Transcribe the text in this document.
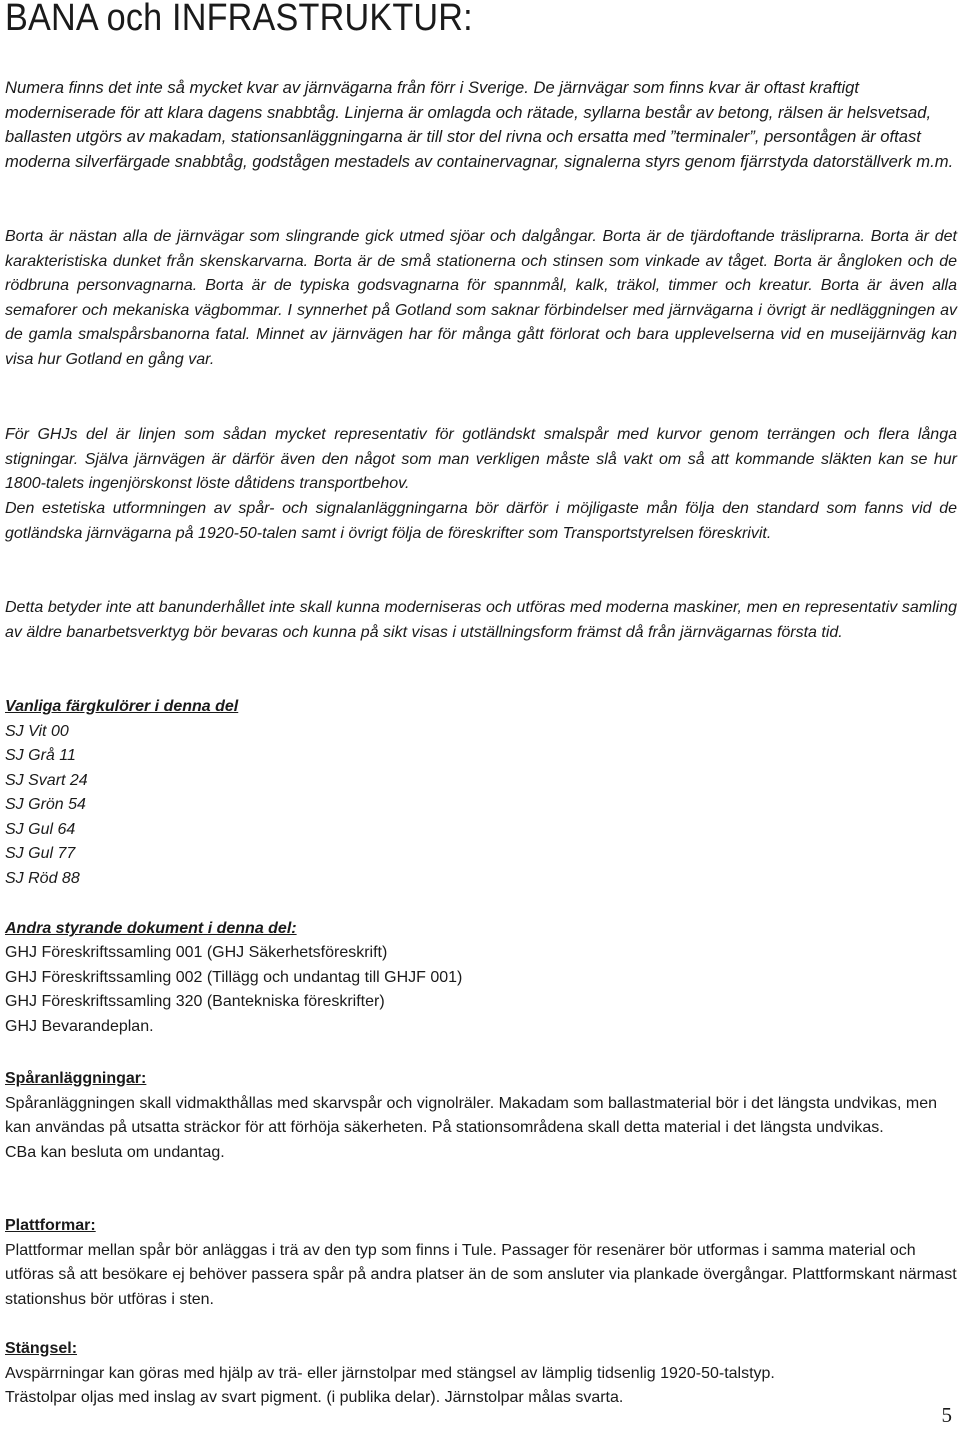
BANA och INFRASTRUKTUR:

Numera finns det inte så mycket kvar av järnvägarna från förr i Sverige. De järnvägar som finns kvar är oftast kraftigt moderniserade för att klara dagens snabbtåg. Linjerna är omlagda och rätade, syllarna består av betong, rälsen är helsvetsad, ballasten utgörs av makadam, stationsanläggningarna är till stor del rivna och ersatta med ”terminaler”, persontågen är oftast moderna silverfärgade snabbtåg, godstågen mestadels av containervagnar, signalerna styrs genom fjärrstyda datorställverk m.m.

Borta är nästan alla de järnvägar som slingrande gick utmed sjöar och dalgångar. Borta är de tjärdoftande träsliprarna. Borta är det karakteristiska dunket från skenskarvarna. Borta är de små stationerna och stinsen som vinkade av tåget. Borta är ångloken och de rödbruna personvagnarna. Borta är de typiska godsvagnarna för spannmål, kalk, träkol, timmer och kreatur. Borta är även alla semaforer och mekaniska vägbommar. I synnerhet på Gotland som saknar förbindelser med järnvägarna i övrigt är nedläggningen av de gamla smalspårsbanorna fatal. Minnet av järnvägen har för många gått förlorat och bara upplevelserna vid en museijärnväg kan visa hur Gotland en gång var.

För GHJs del är linjen som sådan mycket representativ för gotländskt smalspår med kurvor genom terrängen och flera långa stigningar. Själva järnvägen är därför även den något som man verkligen måste slå vakt om så att kommande släkten kan se hur 1800-talets ingenjörskonst löste dåtidens transportbehov.

Den estetiska utformningen av spår- och signalanläggningarna bör därför i möjligaste mån följa den standard som fanns vid de gotländska järnvägarna på 1920-50-talen samt i övrigt följa de föreskrifter som Transportstyrelsen föreskrivit.

Detta betyder inte att banunderhållet inte skall kunna moderniseras och utföras med moderna maskiner, men en representativ samling av äldre banarbetsverktyg bör bevaras och kunna på sikt visas i utställningsform främst då från järnvägarnas första tid.

Vanliga färgkulörer i denna del
SJ Vit 00
SJ Grå 11
SJ Svart 24
SJ Grön 54
SJ Gul 64
SJ Gul 77
SJ Röd 88
Andra styrande dokument i denna del:
GHJ Föreskriftssamling 001 (GHJ Säkerhetsföreskrift)
GHJ Föreskriftssamling 002 (Tillägg och undantag till GHJF 001)
GHJ Föreskriftssamling 320 (Bantekniska föreskrifter)
GHJ Bevarandeplan.
Spåranläggningar:
Spåranläggningen skall vidmakthållas med skarvspår och vignolräler. Makadam som ballastmaterial bör i det längsta undvikas, men kan användas på utsatta sträckor för att förhöja säkerheten. På stationsområdena skall detta material i det längsta undvikas.
CBa kan besluta om undantag.
Plattformar:
Plattformar mellan spår bör anläggas i trä av den typ som finns i Tule. Passager för resenärer bör utformas i samma material och utföras så att besökare ej behöver passera spår på andra platser än de som ansluter via plankade övergångar. Plattformskant närmast stationshus bör utföras i sten.
Stängsel:
Avspärrningar kan göras med hjälp av trä- eller järnstolpar med stängsel av lämplig tidsenlig 1920-50-talstyp.
Trästolpar oljas med inslag av svart pigment. (i publika delar). Järnstolpar målas svarta.
5
